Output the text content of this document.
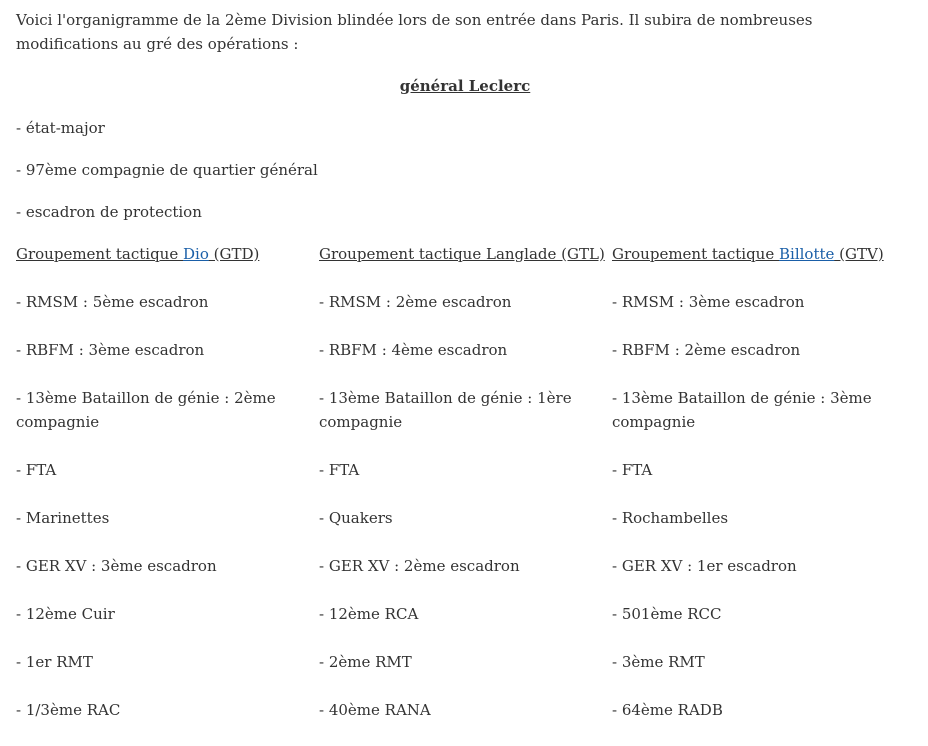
Voici l'organigramme de la 2ème Division blindée lors de son entrée dans Paris. Il subira de nombreuses modifications au gré des opérations :

général Leclerc

- état-major

- 97ème compagnie de quartier général

- escadron de protection

Groupement tactique Dio (GTD)

- RMSM : 5ème escadron
- RBFM : 3ème escadron
- 13ème Bataillon de génie : 2ème compagnie
- FTA
- Marinettes
- GER XV : 3ème escadron
- 12ème Cuir
- 1er RMT
- 1/3ème RAC

Groupement tactique Langlade (GTL)

- RMSM : 2ème escadron
- RBFM : 4ème escadron
- 13ème Bataillon de génie : 1ère compagnie
- FTA
- Quakers
- GER XV : 2ème escadron
- 12ème RCA
- 2ème RMT
- 40ème RANA

Groupement tactique Billotte (GTV)

- RMSM : 3ème escadron
- RBFM : 2ème escadron
- 13ème Bataillon de génie : 3ème compagnie
- FTA
- Rochambelles
- GER XV : 1er escadron
- 501ème RCC
- 3ème RMT
- 64ème RADB
